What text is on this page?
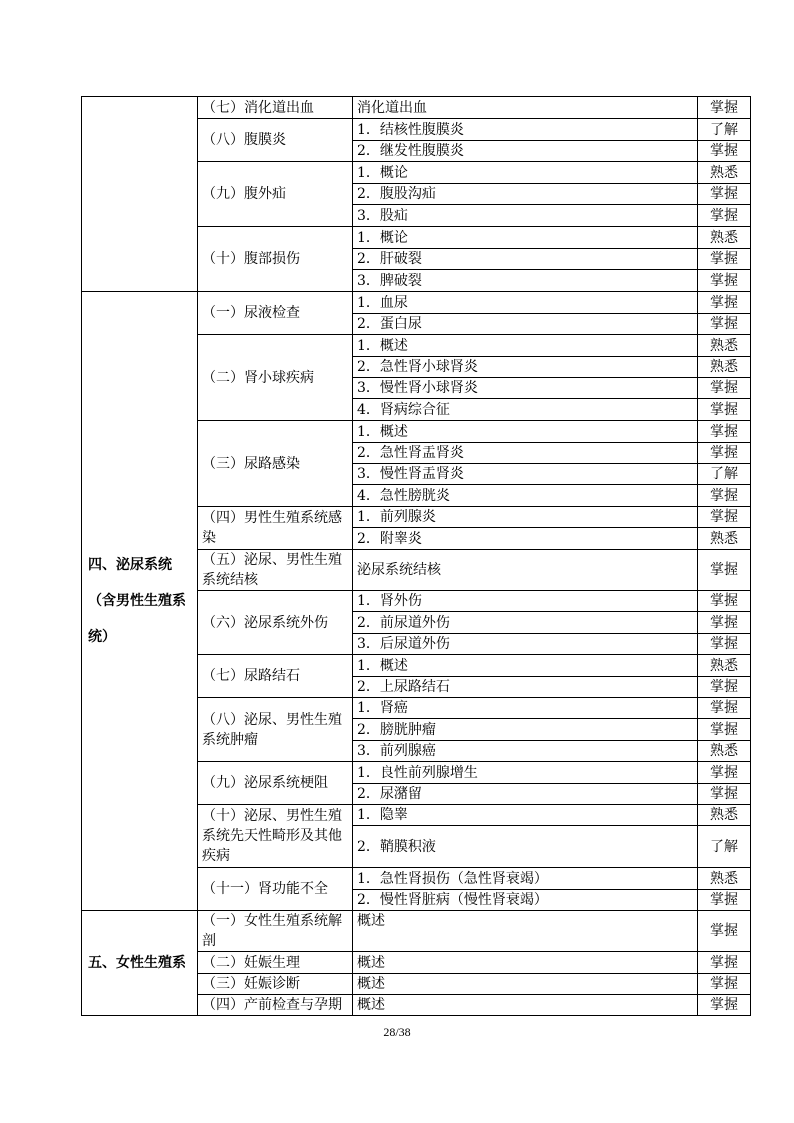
	（七）消化道出血	消化道出血	掌握
	（八）腹膜炎	1．结核性腹膜炎	了解
		2．继发性腹膜炎	掌握
	（九）腹外疝	1．概论	熟悉
		2．腹股沟疝	掌握
		3．股疝	掌握
	（十）腹部损伤	1．概论	熟悉
		2．肝破裂	掌握
		3．脾破裂	掌握
四、泌尿系统（含男性生殖系统）	（一）尿液检查	1．血尿	掌握
		2．蛋白尿	掌握
	（二）肾小球疾病	1．概述	熟悉
		2．急性肾小球肾炎	熟悉
		3．慢性肾小球肾炎	掌握
		4．肾病综合征	掌握
	（三）尿路感染	1．概述	掌握
		2．急性肾盂肾炎	掌握
		3．慢性肾盂肾炎	了解
		4．急性膀胱炎	掌握
	（四）男性生殖系统感染	1．前列腺炎	掌握
		2．附睾炎	熟悉
	（五）泌尿、男性生殖系统结核	泌尿系统结核	掌握
	（六）泌尿系统外伤	1．肾外伤	掌握
		2．前尿道外伤	掌握
		3．后尿道外伤	掌握
	（七）尿路结石	1．概述	熟悉
		2．上尿路结石	掌握
	（八）泌尿、男性生殖系统肿瘤	1．肾癌	掌握
		2．膀胱肿瘤	掌握
		3．前列腺癌	熟悉
	（九）泌尿系统梗阻	1．良性前列腺增生	掌握
		2．尿潴留	掌握
	（十）泌尿、男性生殖系统先天性畸形及其他疾病	1．隐睾	熟悉
		2．鞘膜积液	了解
	（十一）肾功能不全	1．急性肾损伤（急性肾衰竭）	熟悉
		2．慢性肾脏病（慢性肾衰竭）	掌握
五、女性生殖系	（一）女性生殖系统解剖	概述	掌握
	（二）妊娠生理	概述	掌握
	（三）妊娠诊断	概述	掌握
	（四）产前检查与孕期	概述	掌握
28/38
